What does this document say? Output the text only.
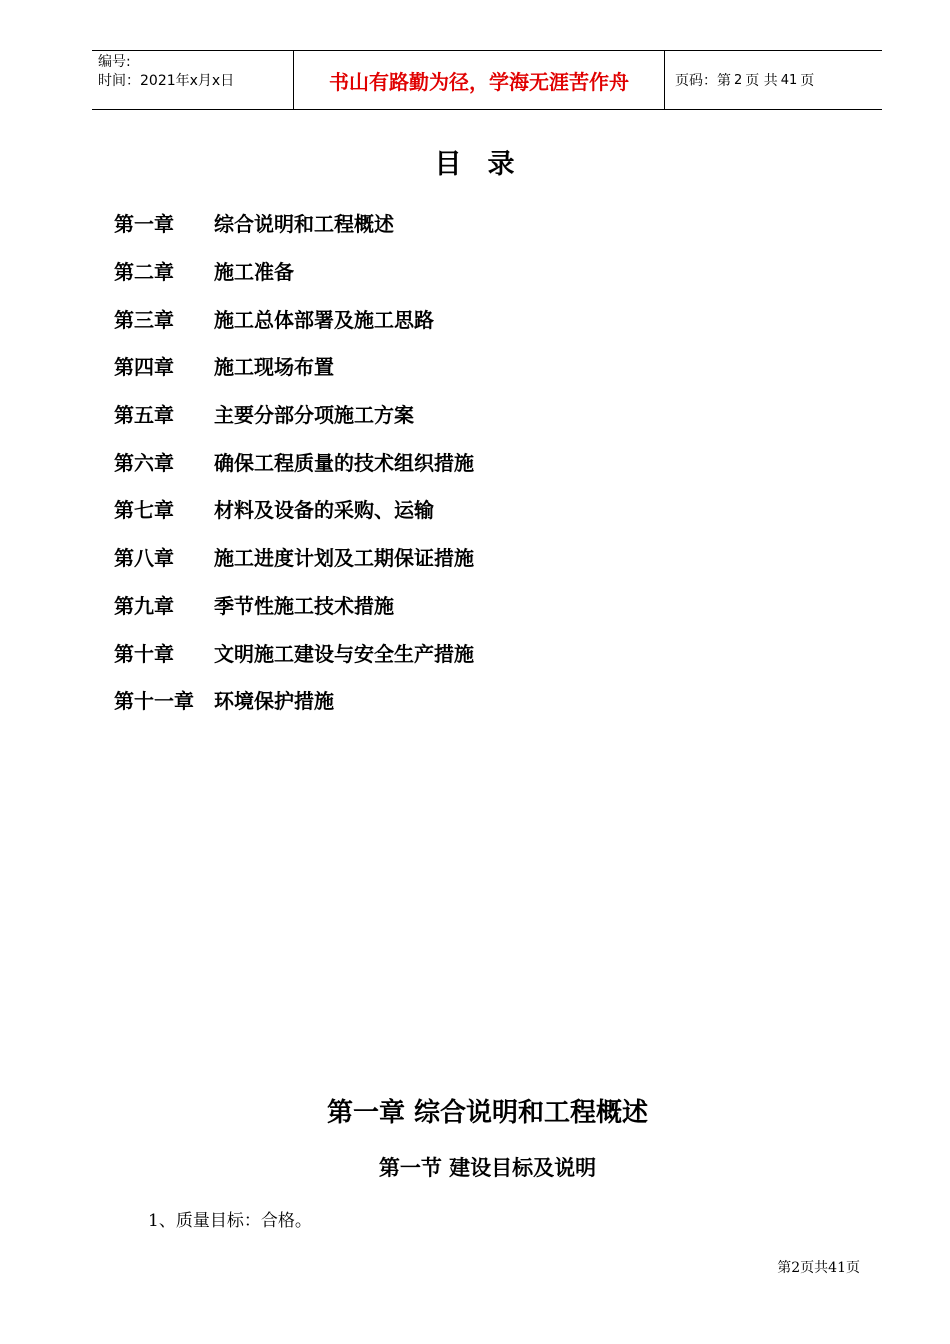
编号:
时间：2021年x月x日	书山有路勤为径，学海无涯苦作舟	页码：第 2 页 共 41 页
目录
第一章	综合说明和工程概述
第二章	施工准备
第三章	施工总体部署及施工思路
第四章	施工现场布置
第五章	主要分部分项施工方案
第六章	确保工程质量的技术组织措施
第七章	材料及设备的采购、运输
第八章	施工进度计划及工期保证措施
第九章	季节性施工技术措施
第十章	文明施工建设与安全生产措施
第十一章	环境保护措施
第一章 综合说明和工程概述
第一节 建设目标及说明
1、质量目标：合格。
第2页共41页
